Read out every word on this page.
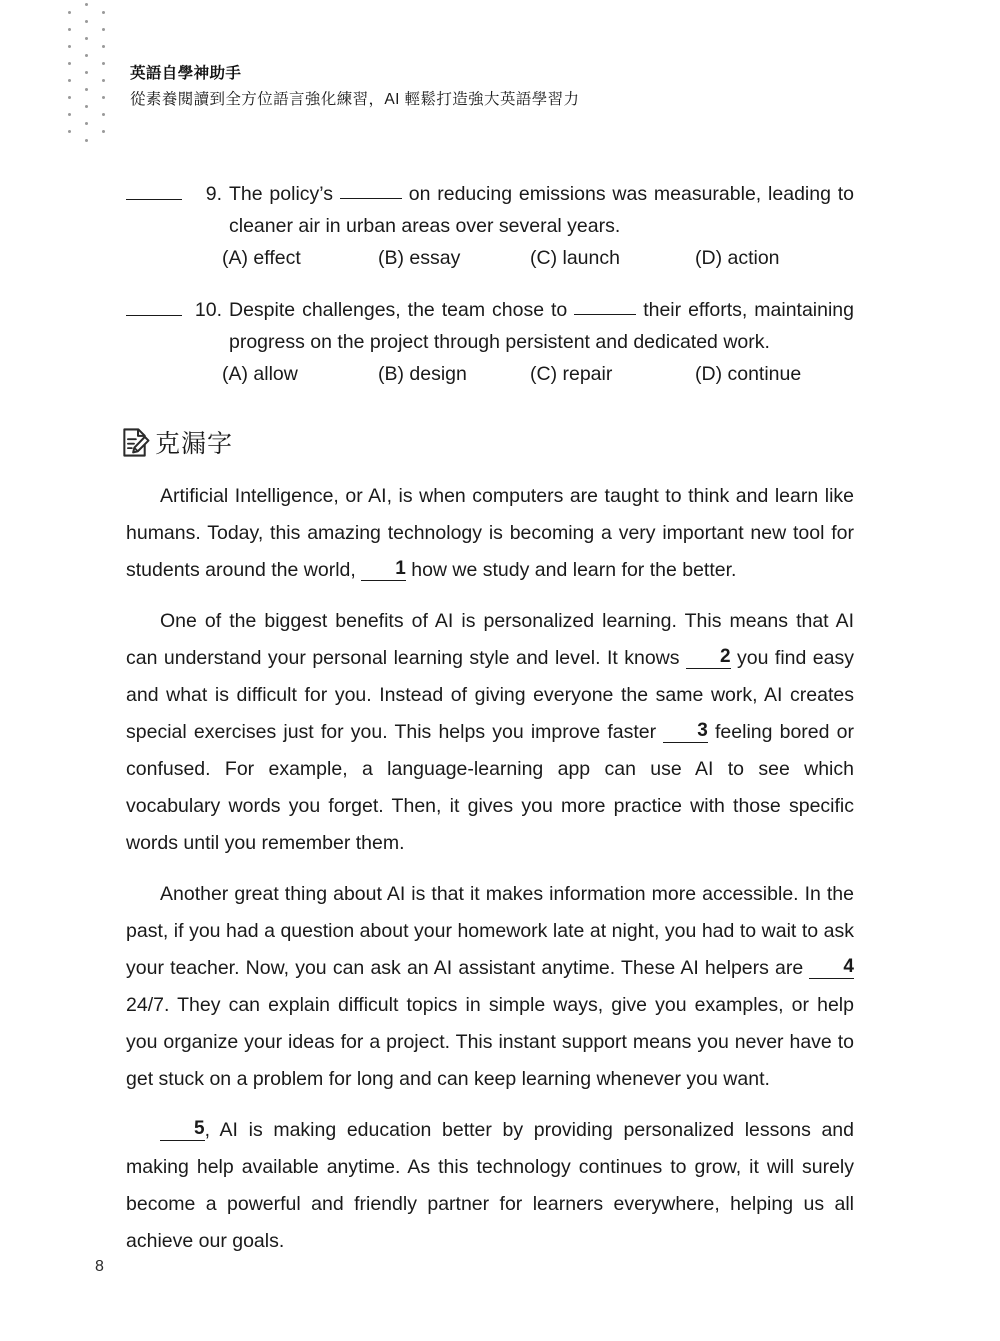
英語自學神助手
從素養閱讀到全方位語言強化練習，AI 輕鬆打造強大英語學習力
9. The policy’s	on reducing emissions was measurable, leading to cleaner air in urban areas over several years.
(A) effect	(B) essay	(C) launch	(D) action
10. Despite challenges, the team chose to	their efforts, maintaining progress on the project through persistent and dedicated work.
(A) allow	(B) design	(C) repair	(D) continue
克漏字

Artificial Intelligence, or AI, is when computers are taught to think and learn like humans. Today, this amazing technology is becoming a very important new tool for students around the world, 1 how we study and learn for the better.

One of the biggest benefits of AI is personalized learning. This means that AI can understand your personal learning style and level. It knows 2 you find easy and what is difficult for you. Instead of giving everyone the same work, AI creates special exercises just for you. This helps you improve faster 3 feeling bored or confused. For example, a language-learning app can use AI to see which vocabulary words you forget. Then, it gives you more practice with those specific words until you remember them.

Another great thing about AI is that it makes information more accessible. In the past, if you had a question about your homework late at night, you had to wait to ask your teacher. Now, you can ask an AI assistant anytime. These AI helpers are 4 24/7. They can explain difficult topics in simple ways, give you examples, or help you organize your ideas for a project. This instant support means you never have to get stuck on a problem for long and can keep learning whenever you want.

5, AI is making education better by providing personalized lessons and making help available anytime. As this technology continues to grow, it will surely become a powerful and friendly partner for learners everywhere, helping us all achieve our goals.

8
